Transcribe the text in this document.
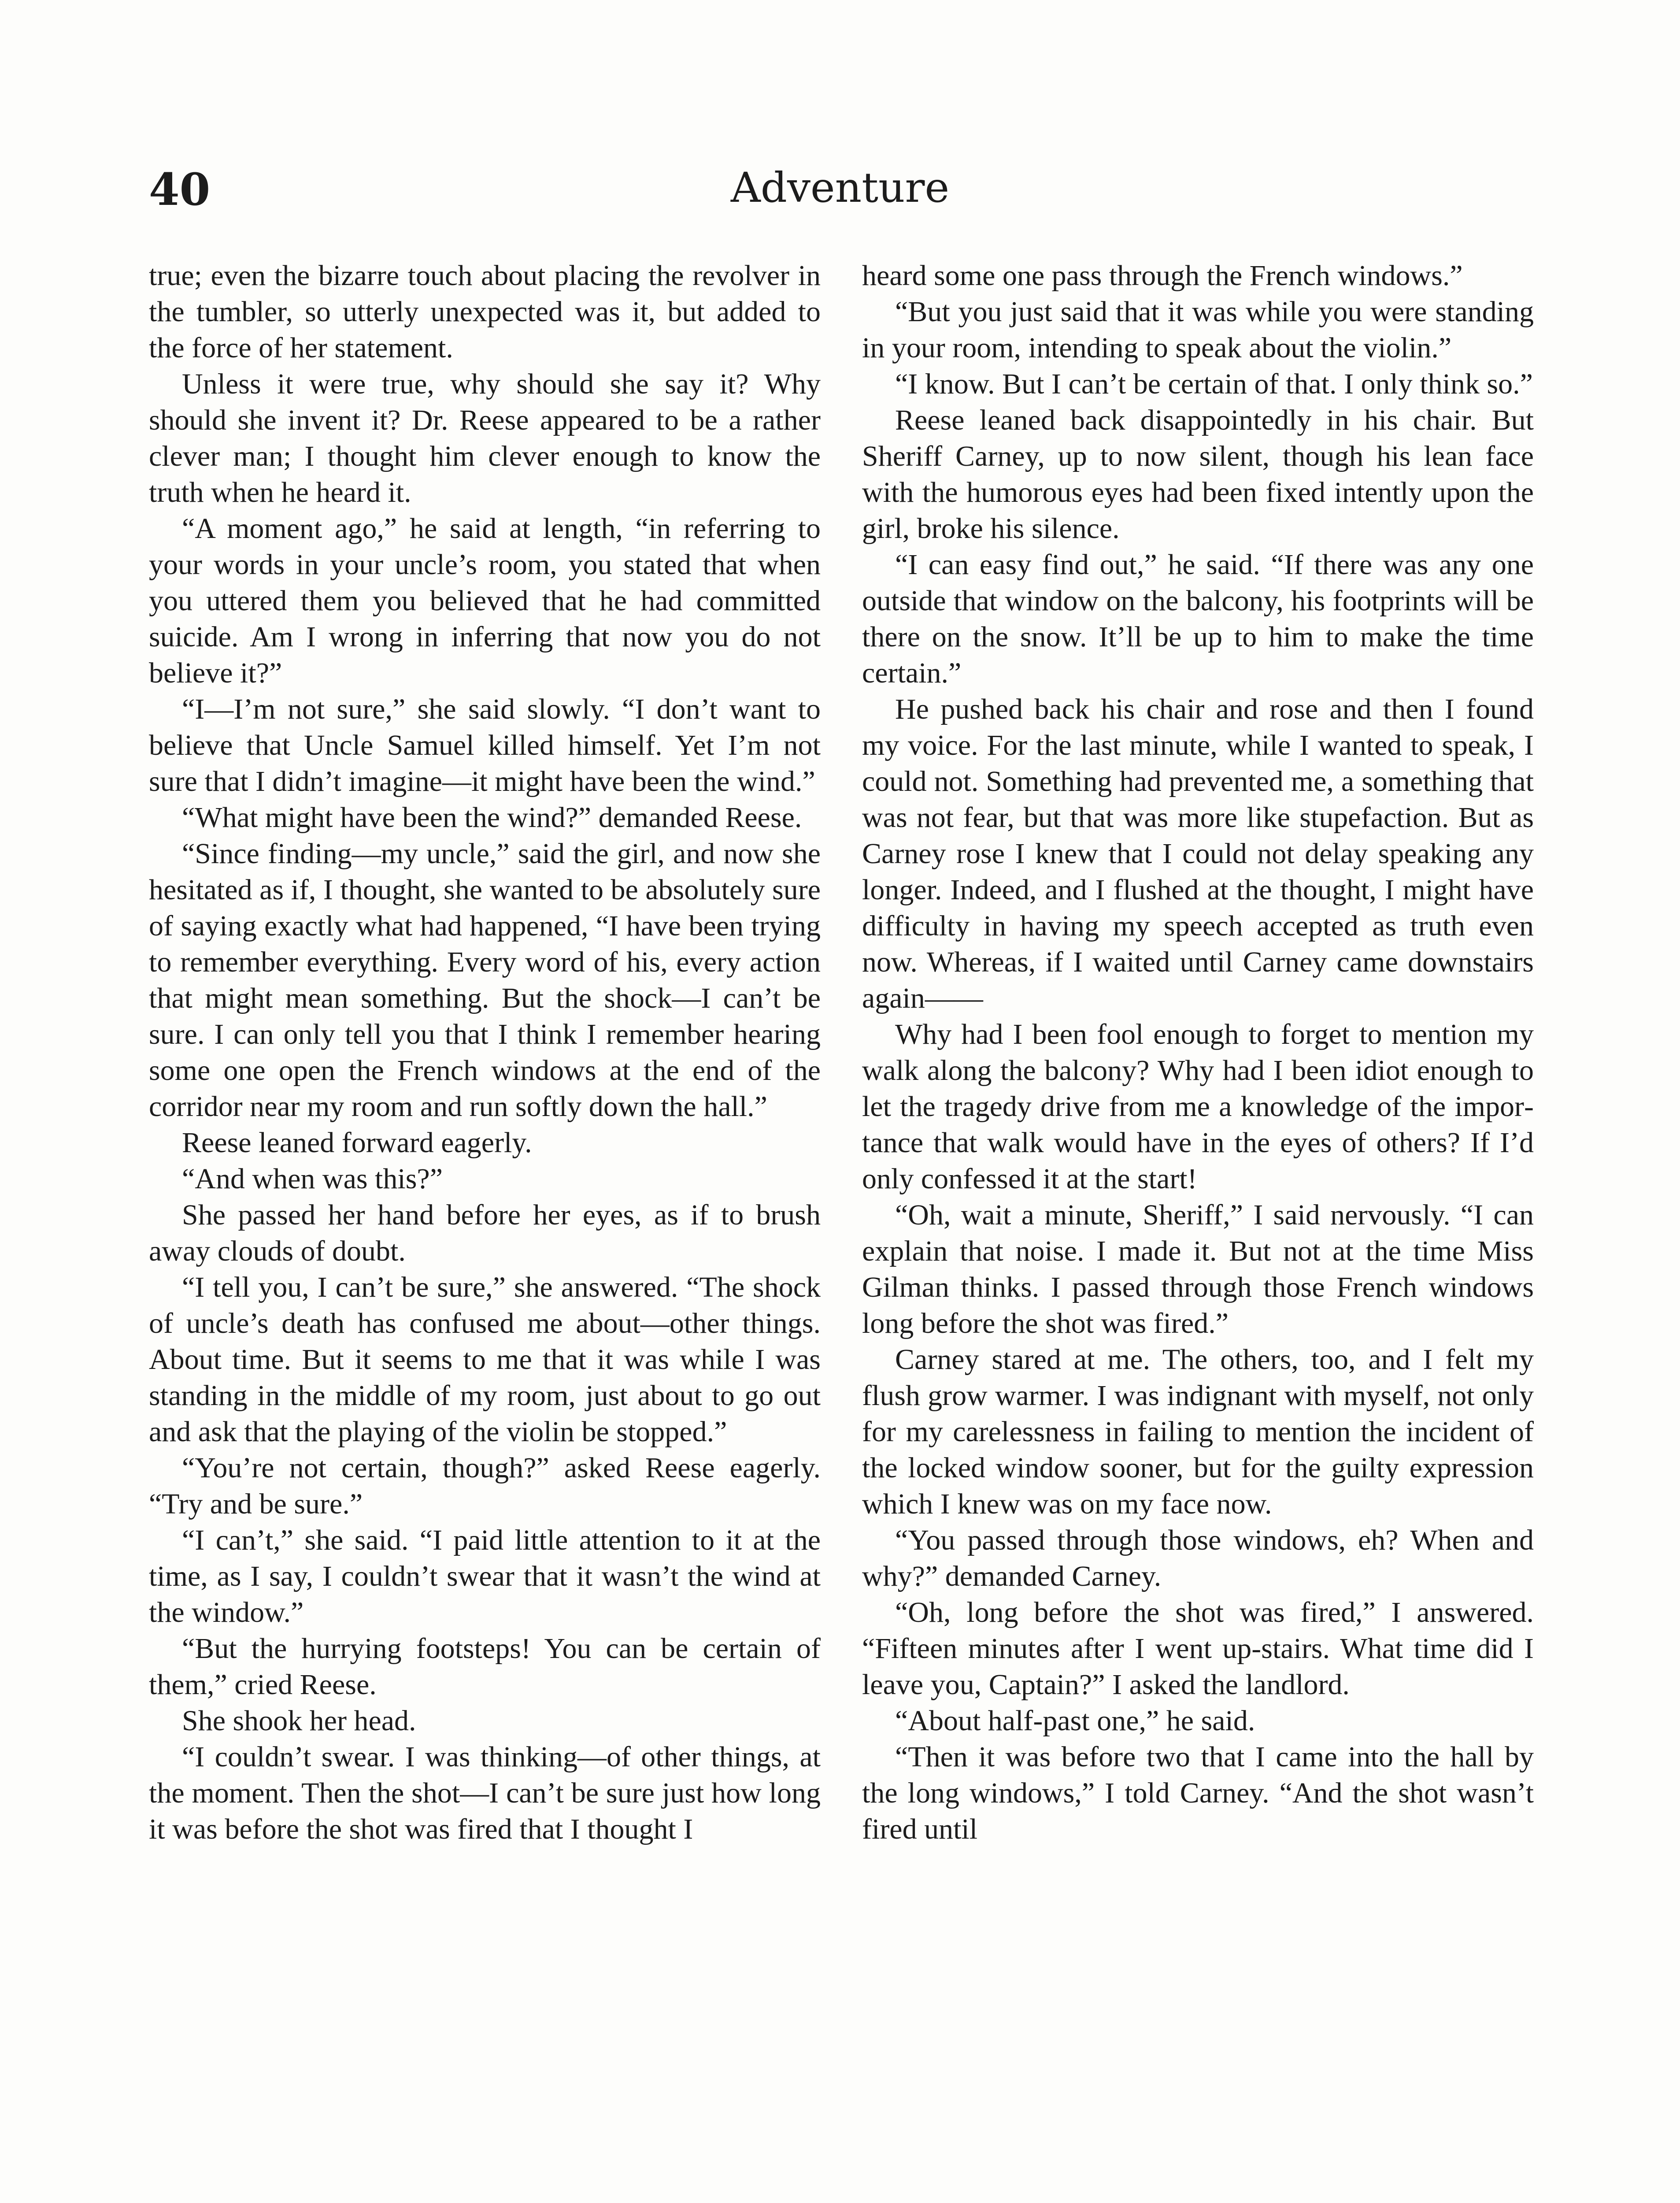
40	Adventure

true; even the bizarre touch about placing the revolver in the tumbler, so utterly unexpected was it, but added to the force of her statement.

Unless it were true, why should she say it? Why should she invent it? Dr. Reese appeared to be a rather clever man; I thought him clever enough to know the truth when he heard it.

“A moment ago,” he said at length, “in referring to your words in your uncle’s room, you stated that when you uttered them you believed that he had committed suicide. Am I wrong in inferring that now you do not believe it?”

“I—I’m not sure,” she said slowly. “I don’t want to believe that Uncle Samuel killed himself. Yet I’m not sure that I didn’t imagine—it might have been the wind.”

“What might have been the wind?” demanded Reese.

“Since finding—my uncle,” said the girl, and now she hesitated as if, I thought, she wanted to be absolutely sure of saying exactly what had happened, “I have been trying to remember everything. Every word of his, every action that might mean something. But the shock—I can’t be sure. I can only tell you that I think I remember hearing some one open the French windows at the end of the corridor near my room and run softly down the hall.”

Reese leaned forward eagerly.

“And when was this?”

She passed her hand before her eyes, as if to brush away clouds of doubt.

“I tell you, I can’t be sure,” she answered. “The shock of uncle’s death has confused me about—other things. About time. But it seems to me that it was while I was standing in the middle of my room, just about to go out and ask that the playing of the violin be stopped.”

“You’re not certain, though?” asked Reese eagerly. “Try and be sure.”

“I can’t,” she said. “I paid little attention to it at the time, as I say, I couldn’t swear that it wasn’t the wind at the window.”

“But the hurrying footsteps! You can be certain of them,” cried Reese.

She shook her head.

“I couldn’t swear. I was thinking—of other things, at the moment. Then the shot—I can’t be sure just how long it was before the shot was fired that I thought I

heard some one pass through the French windows.”

“But you just said that it was while you were standing in your room, intending to speak about the violin.”

“I know. But I can’t be certain of that. I only think so.”

Reese leaned back disappointedly in his chair. But Sheriff Carney, up to now silent, though his lean face with the humorous eyes had been fixed intently upon the girl, broke his silence.

“I can easy find out,” he said. “If there was any one outside that window on the balcony, his footprints will be there on the snow. It’ll be up to him to make the time certain.”

He pushed back his chair and rose and then I found my voice. For the last minute, while I wanted to speak, I could not. Something had prevented me, a something that was not fear, but that was more like stupefaction. But as Carney rose I knew that I could not delay speaking any longer. Indeed, and I flushed at the thought, I might have difficulty in having my speech accepted as truth even now. Whereas, if I waited until Carney came downstairs again——

Why had I been fool enough to forget to mention my walk along the balcony? Why had I been idiot enough to let the tragedy drive from me a knowledge of the importance that walk would have in the eyes of others? If I’d only confessed it at the start!

“Oh, wait a minute, Sheriff,” I said nervously. “I can explain that noise. I made it. But not at the time Miss Gilman thinks. I passed through those French windows long before the shot was fired.”

Carney stared at me. The others, too, and I felt my flush grow warmer. I was indignant with myself, not only for my carelessness in failing to mention the incident of the locked window sooner, but for the guilty expression which I knew was on my face now.

“You passed through those windows, eh? When and why?” demanded Carney.

“Oh, long before the shot was fired,” I answered. “Fifteen minutes after I went up-stairs. What time did I leave you, Captain?” I asked the landlord.

“About half-past one,” he said.

“Then it was before two that I came into the hall by the long windows,” I told Carney. “And the shot wasn’t fired until
